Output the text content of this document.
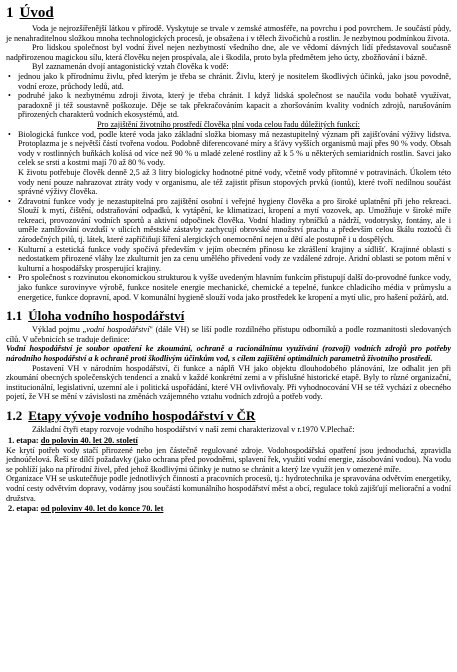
1 Úvod

Voda je nejrozšířenější látkou v přírodě. Vyskytuje se trvale v zemské atmosféře, na povrchu i pod povrchem. Je součástí půdy, je nenahraditelnou složkou mnoha technologických procesů, je obsažena i v tělech živočichů a rostlin. Je nezbytnou podmínkou života.

Pro lidskou společnost byl vodní živel nejen nezbytností všedního dne, ale ve vědomí dávných lidí představoval současně nadpřirozenou magickou sílu, která člověku nejen prospívala, ale i škodila, proto byla předmětem jeho úcty, zbožňování i bázně.

Byl zaznamenán dvojí antagonistický vztah člověka k vodě:

• jednou jako k přírodnímu živlu, před kterým je třeba se chránit. Živlu, který je nositelem škodlivých účinků, jako jsou povodně, vodní eroze, průchody ledů, atd.

• podruhé jako k nezbytnému zdroji života, který je třeba chránit. I když lidská společnost se naučila vodu bohatě využívat, paradoxně ji též soustavně poškozuje. Děje se tak překračováním kapacit a zhoršováním kvality vodních zdrojů, narušováním přirozených charakterů vodních ekosystémů, atd.

Pro zajištění životního prostředí člověka plní voda celou řadu důležitých funkcí:

• Biologická funkce vod, podle které voda jako základní složka biomasy má nezastupitelný význam při zajišťování výživy lidstva. Protoplazma je s největší částí tvořena vodou. Podobně diferencované míry a šťávy vyšších organismů mají přes 90 % vody. Obsah vody v rostlinných buňkách kolísá od více než 90 % u mladé zelené rostliny až k 5 % u některých semiaridních rostlin. Savci jako celek se srsti a kostmi mají 70 až 80 % vody.

K životu potřebuje člověk denně 2,5 až 3 litry biologicky hodnotné pitné vody, včetně vody přítomné v potravinách. Úkolem této vody není pouze nahrazovat ztráty vody v organismu, ale též zajistit přísun stopových prvků (iontů), které tvoří nedílnou součást správné výživy člověka.

• Zdravotní funkce vody je nezastupitelná pro zajištění osobní i veřejné hygieny člověka a pro široké uplatnění při jeho rekreaci. Slouží k mytí, čištění, odstraňování odpadků, k vytápění, ke klimatizaci, kropení a mytí vozovek, ap. Umožňuje v široké míře rekreaci, provozování vodních sportů a aktivní odpočinek člověka. Vodní hladiny rybníčků a nádrží, vodotrysky, fontány, ale i uměle zamlžování ovzduší v ulicích městské zástavby zachycují obrovské množství prachu a především celou škálu roztočů či zárodečných pilů, tj. látek, které zapříčiňují šíření alergických onemocnění nejen u dětí ale postupně i u dospělých.

• Kulturní a estetická funkce vody spočívá především v jejím obecném přínosu ke zkrášlení krajiny a sídlišť. Krajinné oblasti s nedostatkem přirozené vláhy lze zkulturnit jen za cenu umělého přivedení vody ze vzdálené zdroje. Aridní oblasti se potom mění v kulturní a hospodářsky prosperující krajiny.

• Pro společnost s rozvinutou ekonomickou strukturou k vyšše uvedeným hlavním funkcím přistupují další do-provodné funkce vody, jako funkce surovinyve výrobě, funkce nositele energie mechanické, chemické a tepelné, funkce chladicího média v průmyslu a energetice, funkce dopravní, apod. V komunální hygieně slouží voda jako prostředek ke kropení a mytí ulic, pro hašení požárů, atd.

1.1 Úloha vodního hospodářství

Výklad pojmu „vodní hospodářství" (dále VH) se liší podle rozdílného přístupu odborníků a podle rozmanitosti sledovaných cílů. V učebnicích se traduje definice:

Vodní hospodářství je soubor opatření ke zkoumání, ochraně a racionálnímu využívání (rozvoji) vodních zdrojů pro potřeby národního hospodářství a k ochraně proti škodlivým účinkům vod, s cílem zajištění optimálních parametrů životního prostředí.

Postavení VH v národním hospodářství, či funkce a náplň VH jako objektu dlouhodobého plánování, lze odhalit jen při zkoumání obecných společenských tendencí a znaků v každé konkrétní zemi a v příslušné historické etapě. Byly to různé organizační, institucionální, legislativní, uzemní ale i politická uspořádání, které VH ovlivňovaly. Při vyhodnocování VH se též vychází z obecného pojetí, že VH se mění v závislosti na změnách vzájemného vztahu vodních zdrojů a potřeb vody.

1.2 Etapy vývoje vodního hospodářství v ČR

Základní čtyři etapy rozvoje vodního hospodářství v naší zemi charakterizoval v r.1970 V.Plechač:

1. etapa: do polovin 40. let 20. století

Ke krytí potřeb vody stačí přirozené nebo jen částečně regulované zdroje. Vodohospodářská opatření jsou jednoduchá, zpravidla jednoúčelová. Řeší se dílčí požadavky (jako ochrana před povodněmi, splavení řek, využití vodní energie, zásobování vodou). Na vodu se pohlíží jako na přírodní živel, před jehož škodlivými účinky je nutno se chránit a který lze využít jen v omezené míře.

Organizace VH se uskutečňuje podle jednotlivých činností a pracovních procesů, tj.: hydrotechnika je spravována odvětvím energetiky, vodní cesty odvětvím dopravy, vodárny jsou součástí komunálního hospodářství měst a obcí, regulace toků zajišťují meliorační a vodní družstva.

2. etapa: od polovinv 40. let do konce 70. let
